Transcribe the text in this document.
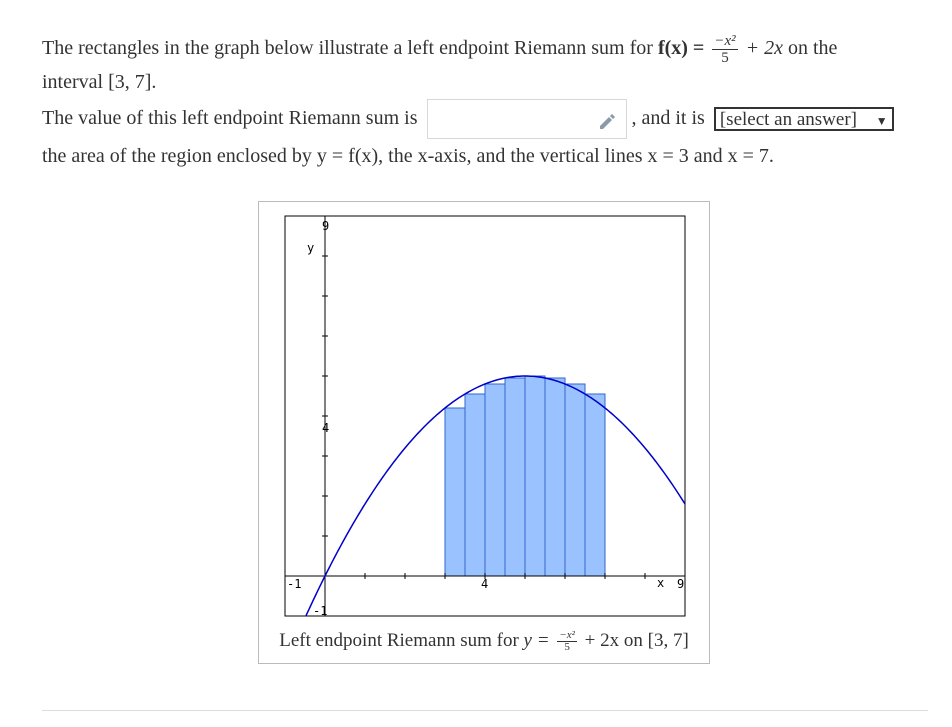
The rectangles in the graph below illustrate a left endpoint Riemann sum for $f(x) = \frac{\text{−x²}}{5} + 2x$ on the
interval [3, 7].
The value of this left endpoint Riemann sum is	, and it is [select an answer] ▼
the area of the region enclosed by y = f(x), the x-axis, and the vertical lines x = 3 and x = 7.
y
x
9
4
-1
-1	4	9
Left endpoint Riemann sum for $y = \frac{\text{−x²}}{5} + 2x$ on [3, 7]
